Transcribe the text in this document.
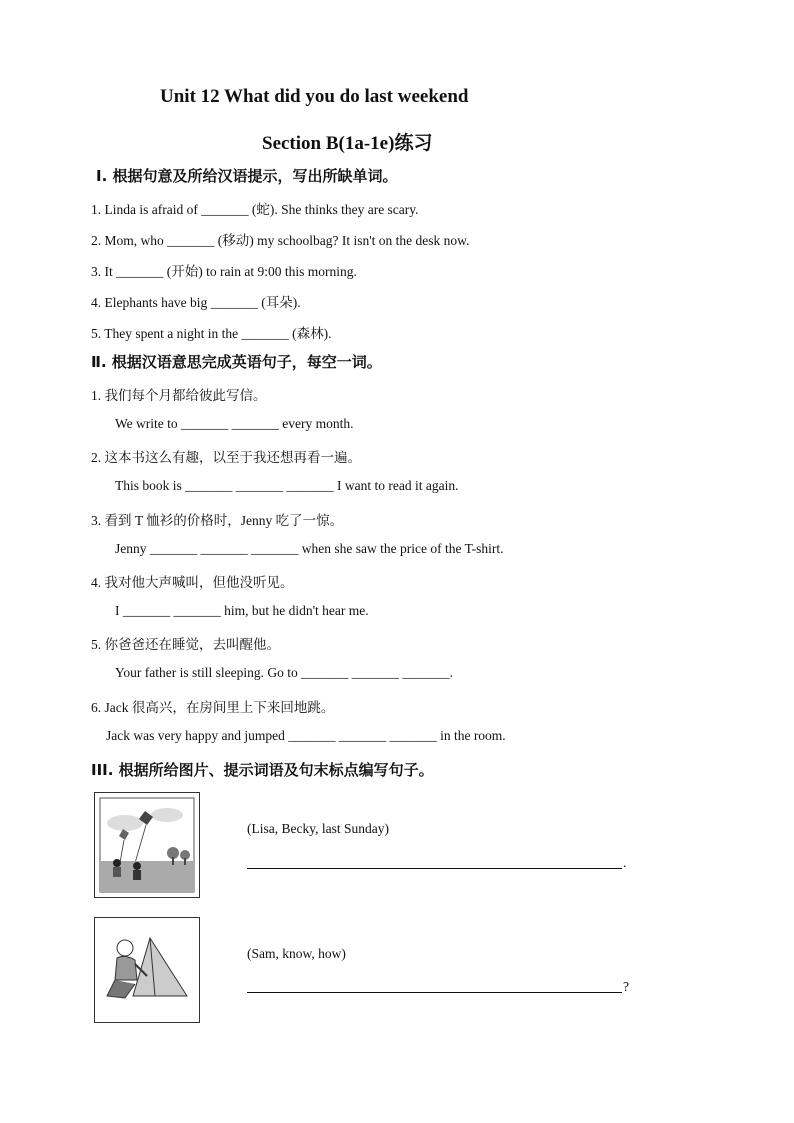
Unit 12 What did you do last weekend
Section B(1a-1e)练习
Ⅰ. 根据句意及所给汉语提示，写出所缺单词。
1. Linda is afraid of _______ (蛇). She thinks they are scary.
2. Mom, who _______ (移动) my schoolbag? It isn't on the desk now.
3. It _______ (开始) to rain at 9:00 this morning.
4. Elephants have big _______ (耳朵).
5. They spent a night in the _______ (森林).
Ⅱ. 根据汉语意思完成英语句子，每空一词。
1. 我们每个月都给彼此写信。
We write to _______ _______ every month.
2. 这本书这么有趣，以至于我还想再看一遍。
This book is _______ _______ _______ I want to read it again.
3. 看到 T 恤衫的价格时，Jenny 吃了一惊。
Jenny _______ _______ _______ when she saw the price of the T-shirt.
4. 我对他大声喊叫，但他没听见。
I _______ _______ him, but he didn't hear me.
5. 你爸爸还在睡觉，去叫醒他。
Your father is still sleeping. Go to _______ _______ _______.
6. Jack 很高兴，在房间里上下来回地跳。
Jack was very happy and jumped _______ _______ _______ in the room.
III. 根据所给图片、提示词语及句末标点编写句子。
(Lisa, Becky, last Sunday)
.
(Sam, know, how)
?
